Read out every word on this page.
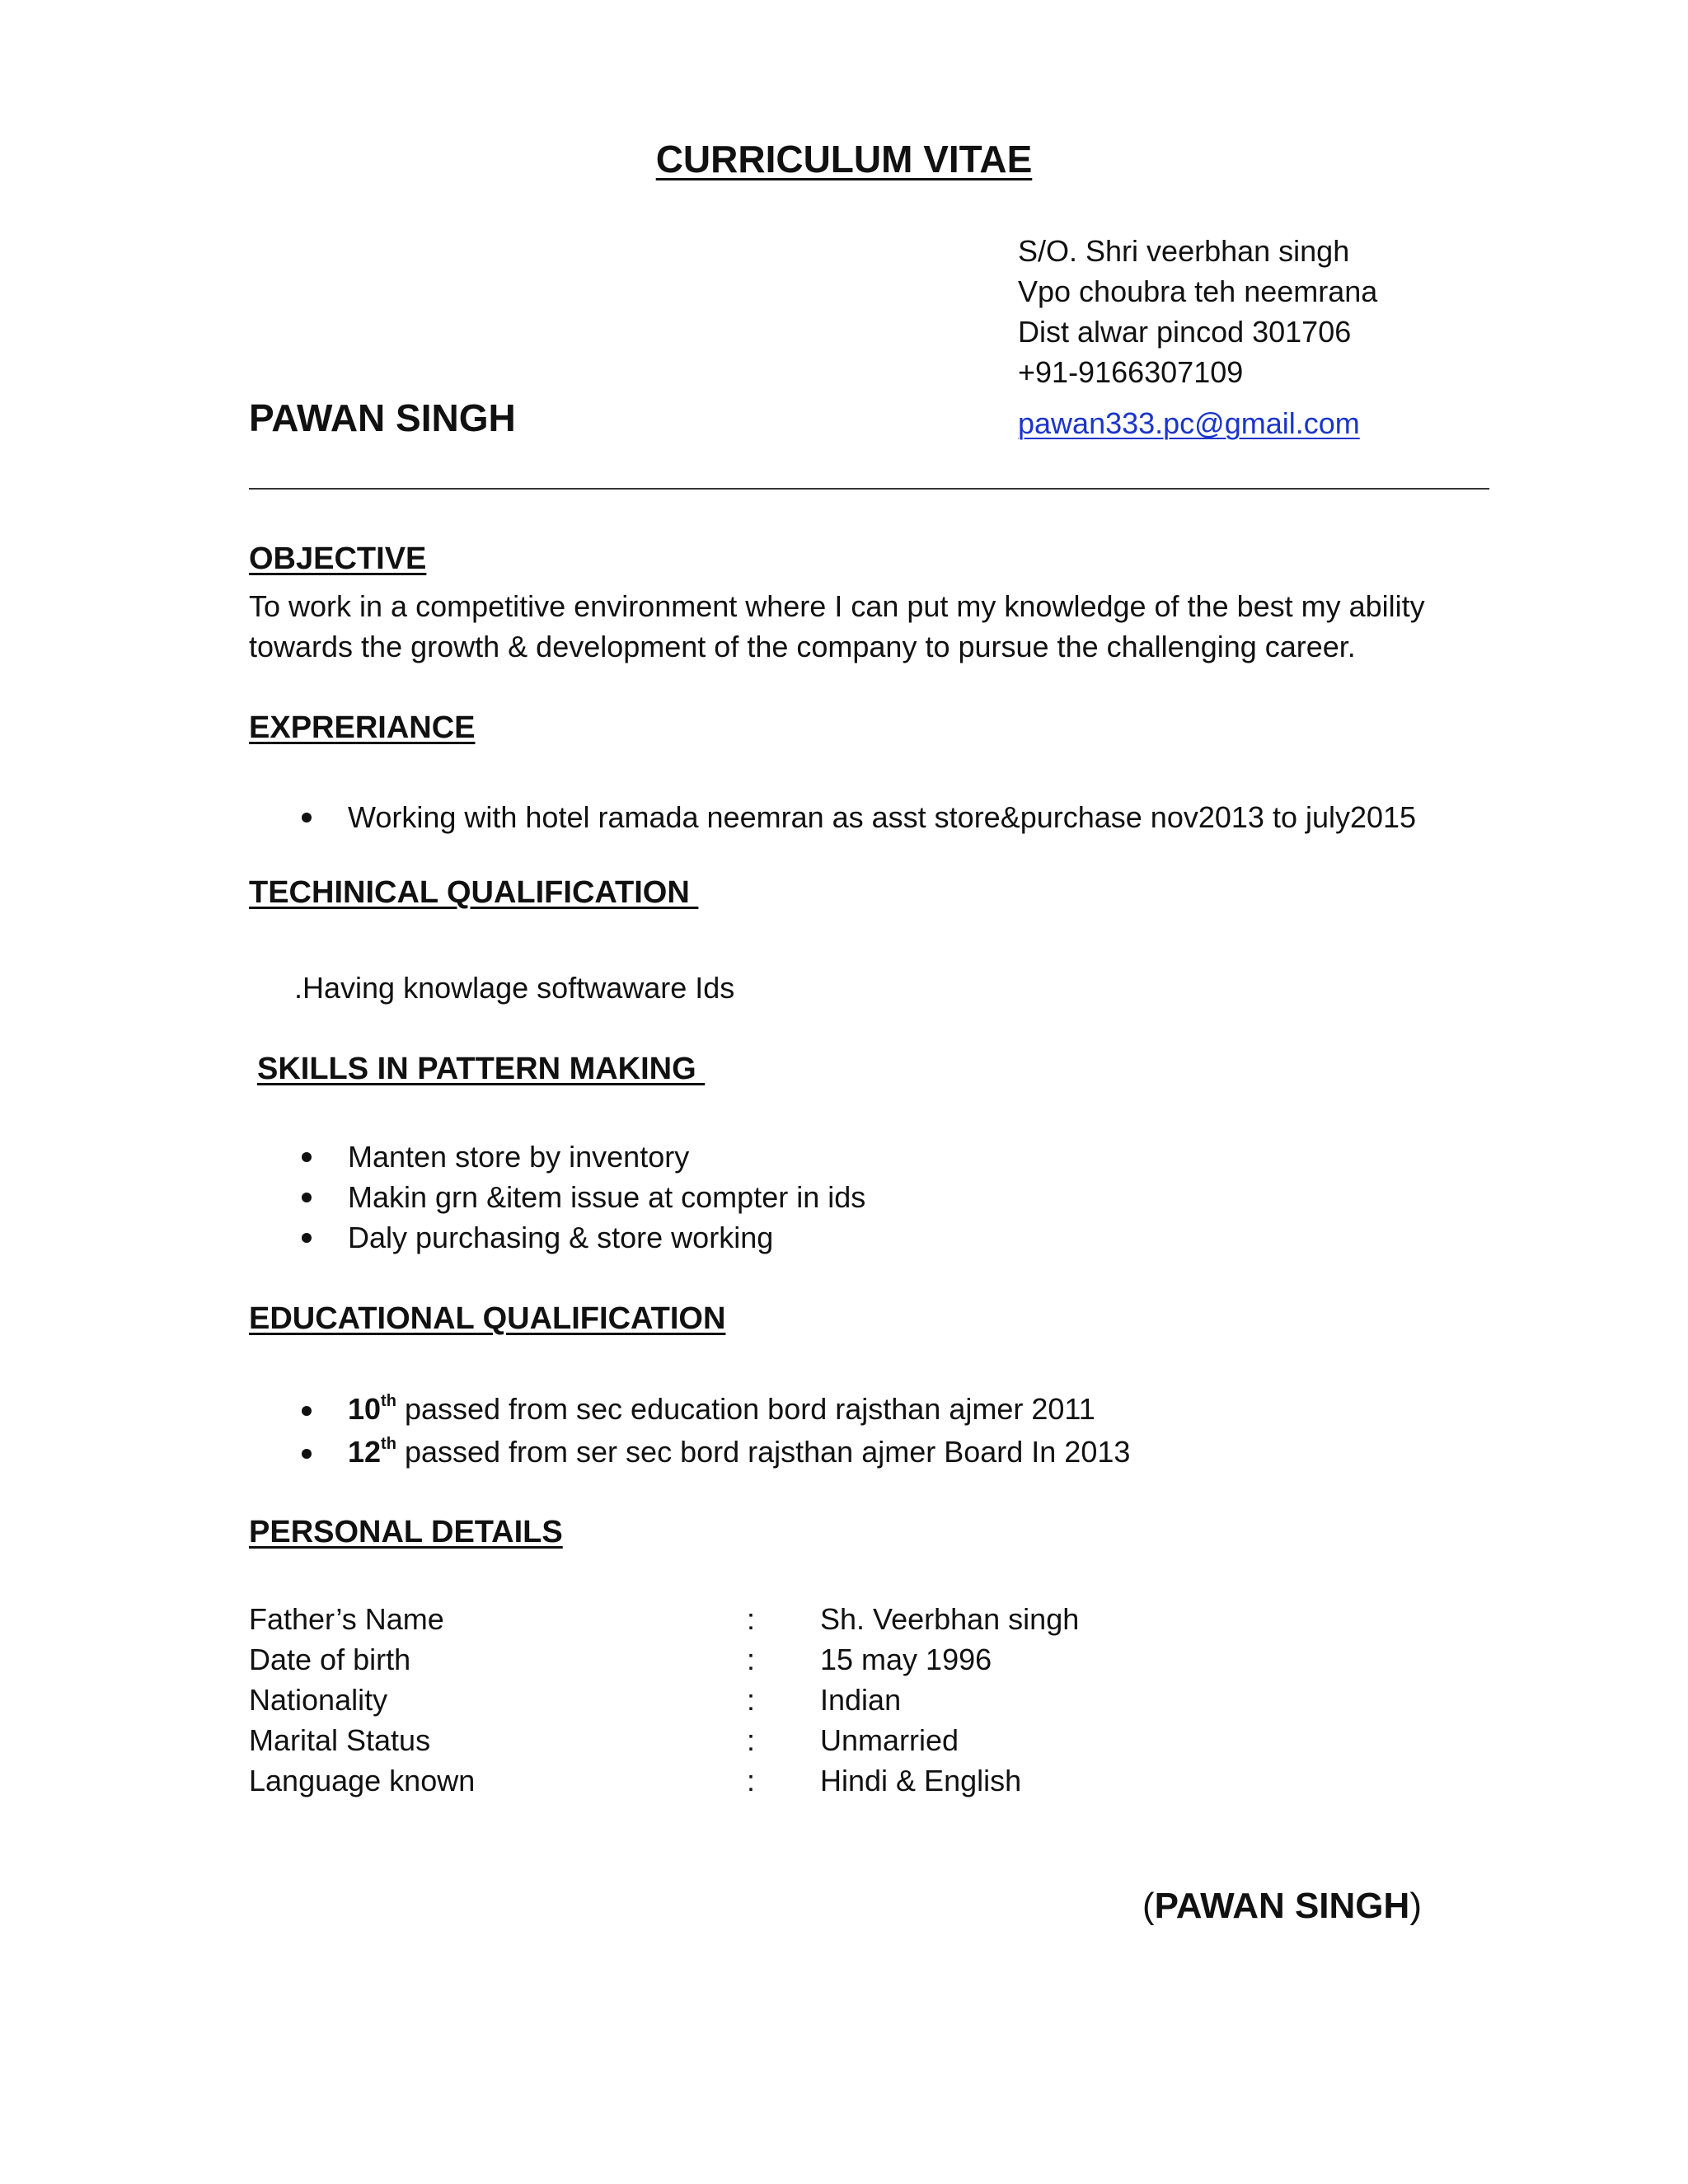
CURRICULUM VITAE
S/O. Shri veerbhan singh
Vpo choubra teh neemrana
Dist alwar pincod 301706
+91-9166307109
PAWAN SINGH	pawan333.pc@gmail.com
OBJECTIVE
To work in a competitive environment where I can put my knowledge of the best my ability
towards the growth & development of the company to pursue the challenging career.
EXPRERIANCE
Working with hotel ramada neemran as asst store&purchase nov2013 to july2015
TECHINICAL QUALIFICATION
.Having knowlage softwaware Ids
SKILLS IN PATTERN MAKING
Manten store by inventory
Makin grn &item issue at compter in ids
Daly purchasing & store working
EDUCATIONAL QUALIFICATION
10th passed from sec education bord rajsthan ajmer 2011
12th passed from ser sec bord rajsthan ajmer Board In 2013
PERSONAL DETAILS
Father’s Name	: Sh. Veerbhan singh
Date of birth	: 15 may 1996
Nationality	: Indian
Marital Status	: Unmarried
Language known	: Hindi & English
(PAWAN SINGH)
